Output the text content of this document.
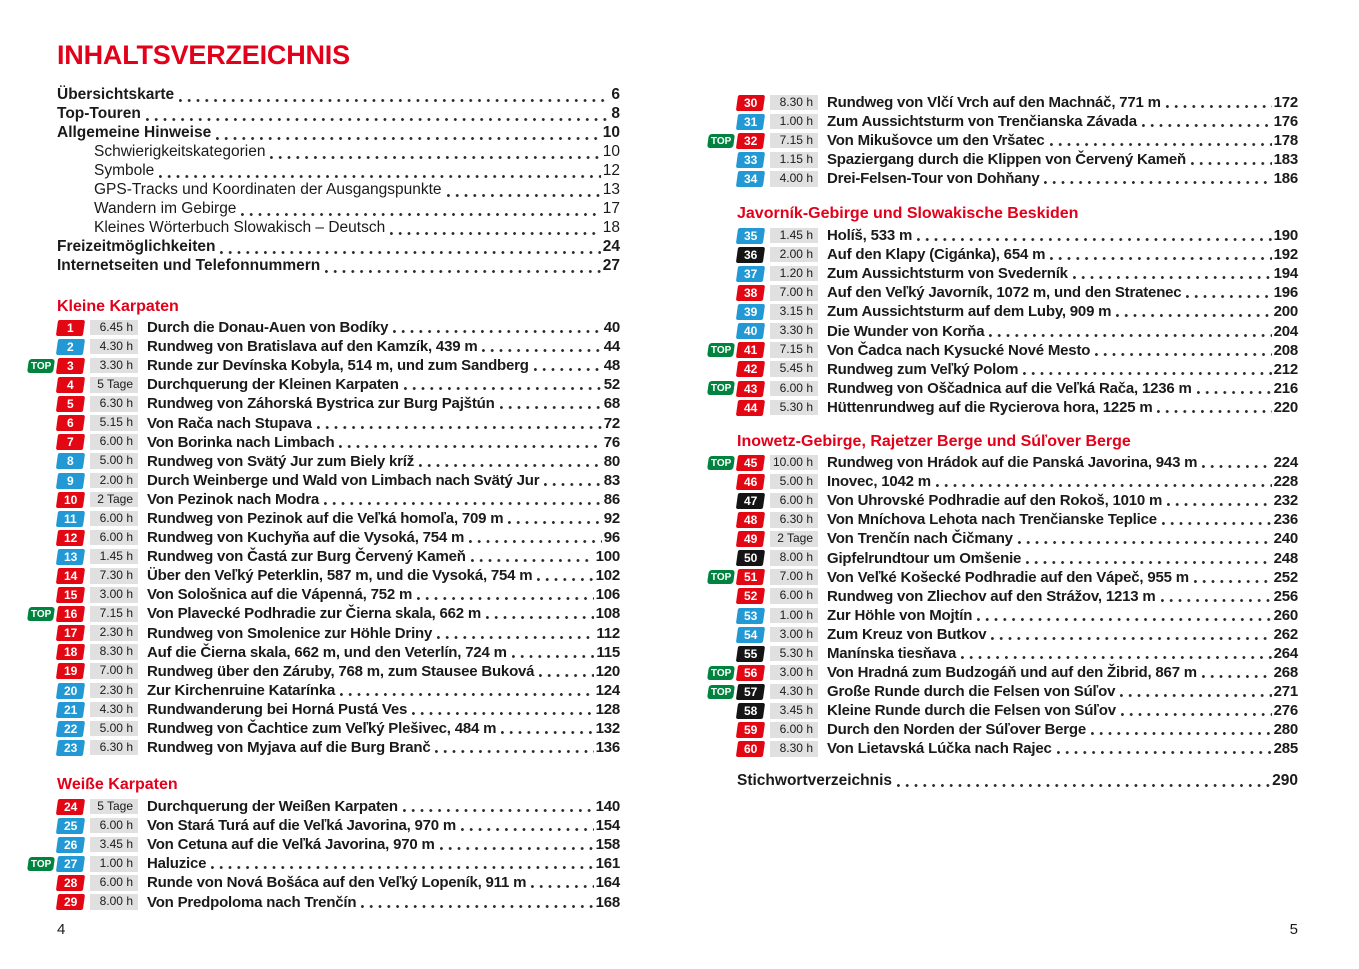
INHALTSVERZEICHNIS
Übersichtskarte	6
Top-Touren	8
Allgemeine Hinweise	10
Schwierigkeitskategorien	10
Symbole	12
GPS-Tracks und Koordinaten der Ausgangspunkte	13
Wandern im Gebirge	17
Kleines Wörterbuch Slowakisch – Deutsch	18
Freizeitmöglichkeiten	24
Internetseiten und Telefonnummern	27
Kleine Karpaten
1	6.45 h Durch die Donau-Auen von Bodíky	40
2	4.30 h Rundweg von Bratislava auf den Kamzík, 439 m	44
TOP 3	3.30 h Runde zur Devínska Kobyla, 514 m, und zum Sandberg	48
4	5 Tage Durchquerung der Kleinen Karpaten	52
5	6.30 h Rundweg von Záhorská Bystrica zur Burg Pajštún	68
6	5.15 h Von Rača nach Stupava	72
7	6.00 h Von Borinka nach Limbach	76
8	5.00 h Rundweg von Svätý Jur zum Biely kríž	80
9	2.00 h Durch Weinberge und Wald von Limbach nach Svätý Jur	83
10	2 Tage Von Pezinok nach Modra	86
11	6.00 h Rundweg von Pezinok auf die Veľká homoľa, 709 m	92
12	6.00 h Rundweg von Kuchyňa auf die Vysoká, 754 m	96
13	1.45 h Rundweg von Častá zur Burg Červený Kameň	100
14	7.30 h Über den Veľký Peterklin, 587 m, und die Vysoká, 754 m	102
15	3.00 h Von Sološnica auf die Vápenná, 752 m	106
TOP 16	7.15 h Von Plavecké Podhradie zur Čierna skala, 662 m	108
17	2.30 h Rundweg von Smolenice zur Höhle Driny	112
18	8.30 h Auf die Čierna skala, 662 m, und den Veterlín, 724 m	115
19	7.00 h Rundweg über den Záruby, 768 m, zum Stausee Buková	120
20	2.30 h Zur Kirchenruine Katarínka	124
21	4.30 h Rundwanderung bei Horná Pustá Ves	128
22	5.00 h Rundweg von Čachtice zum Veľký Plešivec, 484 m	132
23	6.30 h Rundweg von Myjava auf die Burg Branč	136
Weiße Karpaten
24	5 Tage Durchquerung der Weißen Karpaten	140
25	6.00 h Von Stará Turá auf die Veľká Javorina, 970 m	154
26	3.45 h Von Cetuna auf die Veľká Javorina, 970 m	158
TOP 27	1.00 h Haluzice	161
28	6.00 h Runde von Nová Bošáca auf den Veľký Lopeník, 911 m	164
29	8.00 h Von Predpoloma nach Trenčín	168
30	8.30 h Rundweg von Vlčí Vrch auf den Machnáč, 771 m	172
31	1.00 h Zum Aussichtsturm von Trenčianska Závada	176
TOP 32	7.15 h Von Mikušovce um den Vršatec	178
33	1.15 h Spaziergang durch die Klippen von Červený Kameň	183
34	4.00 h Drei-Felsen-Tour von Dohňany	186
Javorník-Gebirge und Slowakische Beskiden
35	1.45 h Holíš, 533 m	190
36	2.00 h Auf den Klapy (Cigánka), 654 m	192
37	1.20 h Zum Aussichtsturm von Svederník	194
38	7.00 h Auf den Veľký Javorník, 1072 m, und den Stratenec	196
39	3.15 h Zum Aussichtsturm auf dem Luby, 909 m	200
40	3.30 h Die Wunder von Korňa	204
TOP 41	7.15 h Von Čadca nach Kysucké Nové Mesto	208
42	5.45 h Rundweg zum Veľký Polom	212
TOP 43	6.00 h Rundweg von Oščadnica auf die Veľká Rača, 1236 m	216
44	5.30 h Hüttenrundweg auf die Rycierova hora, 1225 m	220
Inowetz-Gebirge, Rajetzer Berge und Súľover Berge
TOP 45 10.00 h Rundweg von Hrádok auf die Panská Javorina, 943 m	224
46	5.00 h Inovec, 1042 m	228
47	6.00 h Von Uhrovské Podhradie auf den Rokoš, 1010 m	232
48	6.30 h Von Mníchova Lehota nach Trenčianske Teplice	236
49	2 Tage Von Trenčín nach Čičmany	240
50	8.00 h Gipfelrundtour um Omšenie	248
TOP 51	7.00 h Von Veľké Košecké Podhradie auf den Vápeč, 955 m	252
52	6.00 h Rundweg von Zliechov auf den Strážov, 1213 m	256
53	1.00 h Zur Höhle von Mojtín	260
54	3.00 h Zum Kreuz von Butkov	262
55	5.30 h Manínska tiesňava	264
TOP 56	3.00 h Von Hradná zum Budzogáň und auf den Žibrid, 867 m	268
TOP 57	4.30 h Große Runde durch die Felsen von Súľov	271
58	3.45 h Kleine Runde durch die Felsen von Súľov	276
59	6.00 h Durch den Norden der Súľover Berge	280
60	8.30 h Von Lietavská Lúčka nach Rajec	285
Stichwortverzeichnis	290
4	5
